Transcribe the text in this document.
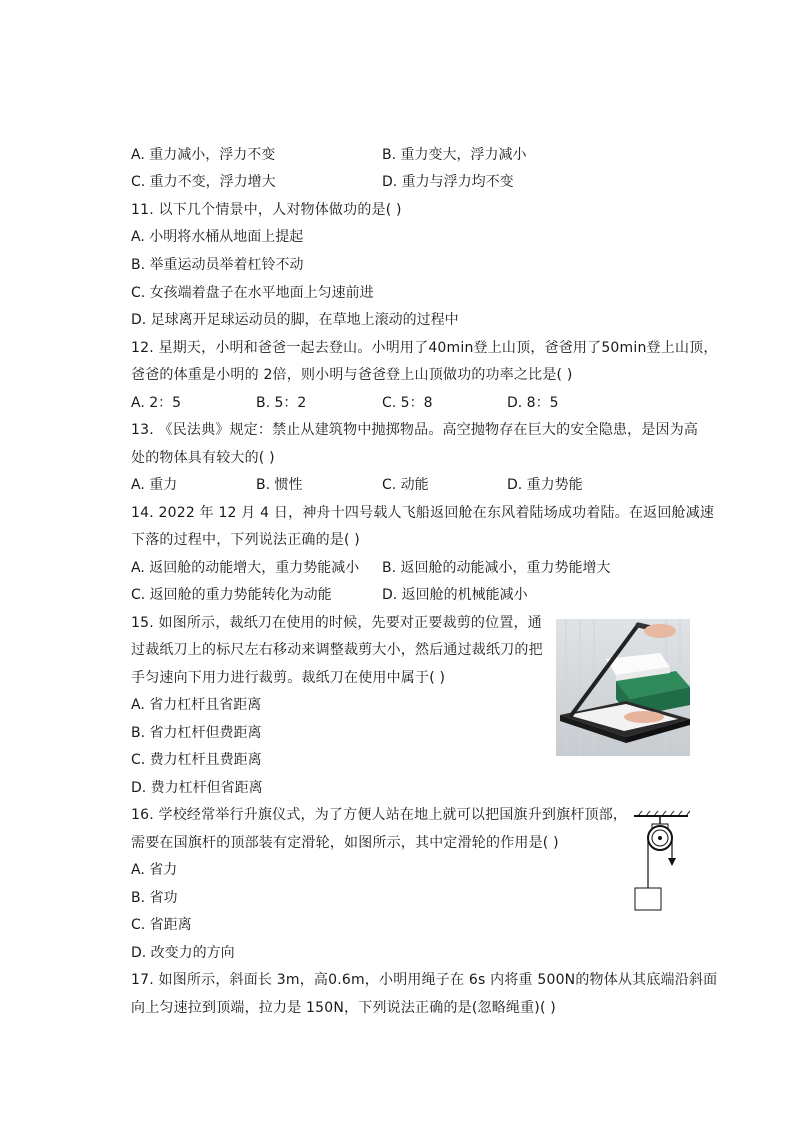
A. 重力减小，浮力不变	B. 重力变大，浮力减小
C. 重力不变，浮力增大	D. 重力与浮力均不变
11. 以下几个情景中，人对物体做功的是( )
A. 小明将水桶从地面上提起
B. 举重运动员举着杠铃不动
C. 女孩端着盘子在水平地面上匀速前进
D. 足球离开足球运动员的脚，在草地上滚动的过程中
12. 星期天，小明和爸爸一起去登山。小明用了40min登上山顶，爸爸用了50min登上山顶，
爸爸的体重是小明的 2倍，则小明与爸爸登上山顶做功的功率之比是( )
A. 2：5	B. 5：2	C. 5：8	D. 8：5
13. 《民法典》规定：禁止从建筑物中抛掷物品。高空抛物存在巨大的安全隐患，是因为高
处的物体具有较大的( )
A. 重力	B. 惯性	C. 动能	D. 重力势能
14. 2022 年 12 月 4 日，神舟十四号载人飞船返回舱在东风着陆场成功着陆。在返回舱减速
下落的过程中，下列说法正确的是( )
A. 返回舱的动能增大，重力势能减小 B. 返回舱的动能减小，重力势能增大
C. 返回舱的重力势能转化为动能	D. 返回舱的机械能减小
15. 如图所示，裁纸刀在使用的时候，先要对正要裁剪的位置，通
过裁纸刀上的标尺左右移动来调整裁剪大小，然后通过裁纸刀的把
手匀速向下用力进行裁剪。裁纸刀在使用中属于( )
A. 省力杠杆且省距离
B. 省力杠杆但费距离
C. 费力杠杆且费距离
D. 费力杠杆但省距离
16. 学校经常举行升旗仪式，为了方便人站在地上就可以把国旗升到旗杆顶部，
需要在国旗杆的顶部装有定滑轮，如图所示，其中定滑轮的作用是( )
A. 省力
B. 省功
C. 省距离
D. 改变力的方向
17. 如图所示，斜面长 3m，高0.6m，小明用绳子在 6s 内将重 500N的物体从其底端沿斜面
向上匀速拉到顶端，拉力是 150N，下列说法正确的是(忽略绳重)( )
